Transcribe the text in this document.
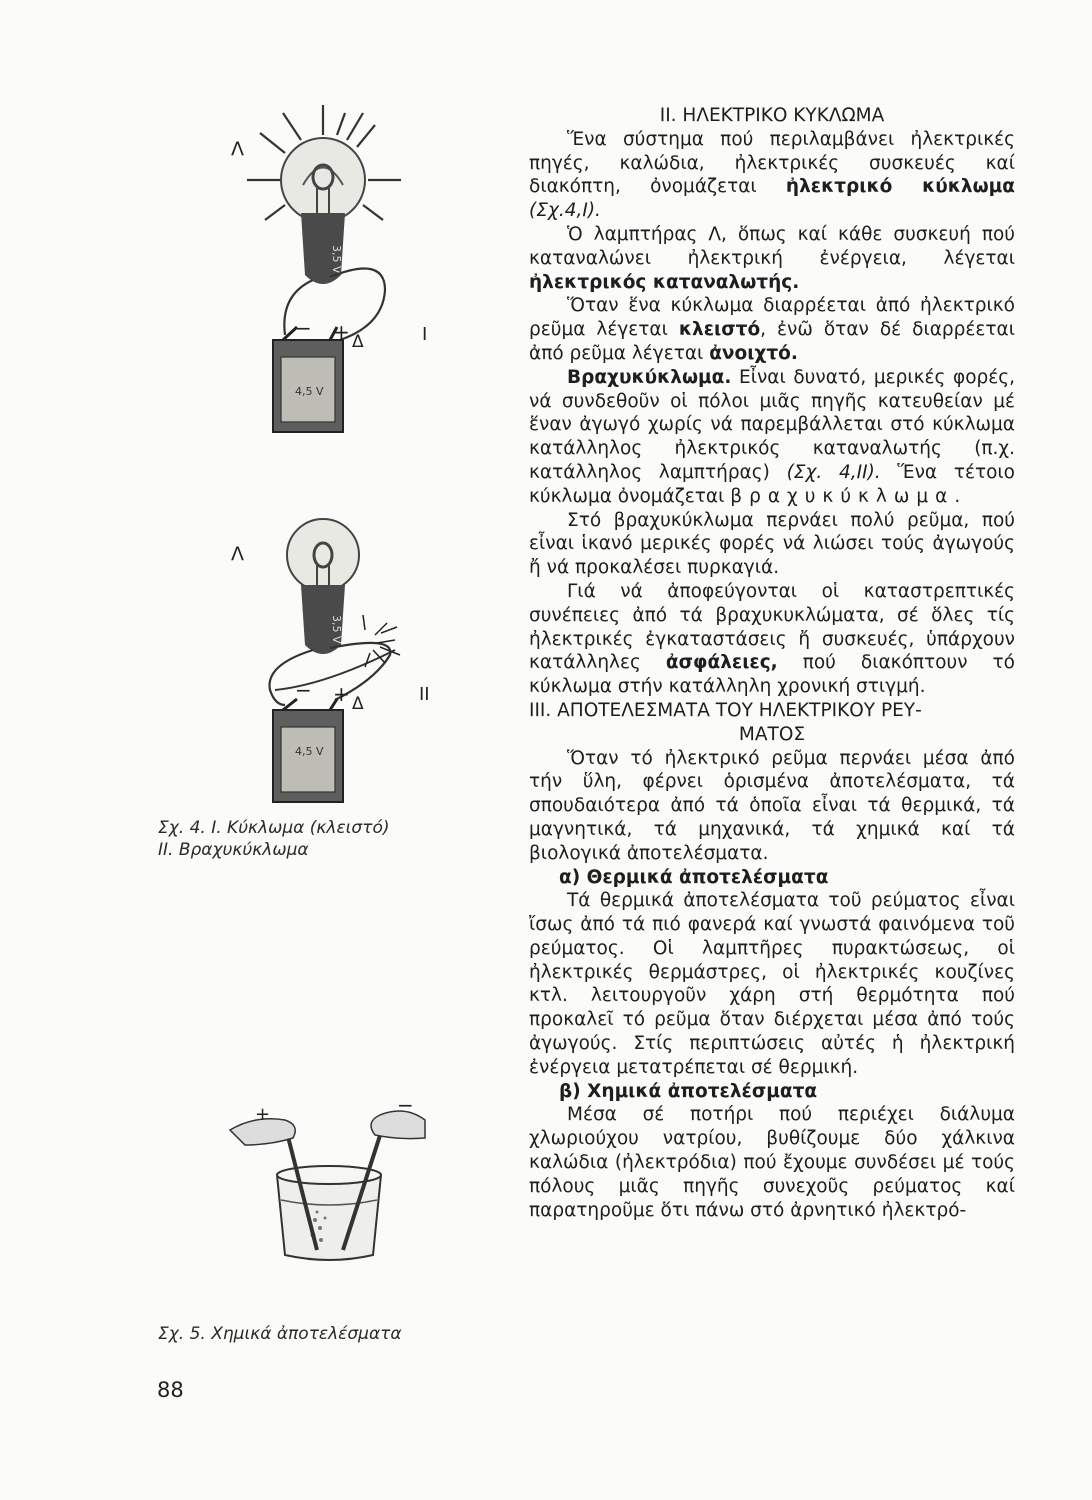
3,5 V
4,5 V
− +
Λ
Δ	I
3,5 V
4,5 V
− +
Λ
Δ	II
Σχ. 4. Ι. Κύκλωμα (κλειστό)
ΙΙ. Βραχυκύκλωμα
+	−
Σχ. 5. Χημικά ἀποτελέσματα
88

ΙΙ. ΗΛΕΚΤΡΙΚΟ ΚΥΚΛΩΜΑ

Ἕνα σύστημα πού περιλαμβάνει ἠλεκτρικές πηγές, καλώδια, ἠλεκτρικές συσκευές καί διακόπτη, ὀνομάζεται ἠλεκτρικό κύκλωμα (Σχ.4,Ι).

Ὁ λαμπτήρας Λ, ὅπως καί κάθε συσκευή πού καταναλώνει ἠλεκτρική ἐνέργεια, λέγεται ἠλεκτρικός καταναλωτής.

Ὅταν ἕνα κύκλωμα διαρρέεται ἀπό ἠλεκτρικό ρεῦμα λέγεται κλειστό, ἐνῶ ὅταν δέ διαρρέεται ἀπό ρεῦμα λέγεται ἀνοιχτό.

Βραχυκύκλωμα. Εἶναι δυνατό, μερικές φορές, νά συνδεθοῦν οἱ πόλοι μιᾶς πηγῆς κατευθείαν μέ ἕναν ἀγωγό χωρίς νά παρεμβάλλεται στό κύκλωμα κατάλληλος ἠλεκτρικός καταναλωτής (π.χ. κατάλληλος λαμπτήρας) (Σχ. 4,ΙΙ). Ἕνα τέτοιο κύκλωμα ὀνομάζεται βραχυκύκλωμα.

Στό βραχυκύκλωμα περνάει πολύ ρεῦμα, πού εἶναι ἱκανό μερικές φορές νά λιώσει τούς ἀγωγούς ἤ νά προκαλέσει πυρκαγιά.

Γιά νά ἀποφεύγονται οἱ καταστρεπτικές συνέπειες ἀπό τά βραχυκυκλώματα, σέ ὅλες τίς ἠλεκτρικές ἐγκαταστάσεις ἤ συσκευές, ὑπάρχουν κατάλληλες ἀσφάλειες, πού διακόπτουν τό κύκλωμα στήν κατάλληλη χρονική στιγμή.

ΙΙΙ. ΑΠΟΤΕΛΕΣΜΑΤΑ ΤΟΥ ΗΛΕΚΤΡΙΚΟΥ ΡΕΥ-

ΜΑΤΟΣ

Ὅταν τό ἠλεκτρικό ρεῦμα περνάει μέσα ἀπό τήν ὕλη, φέρνει ὁρισμένα ἀποτελέσματα, τά σπουδαιότερα ἀπό τά ὁποῖα εἶναι τά θερμικά, τά μαγνητικά, τά μηχανικά, τά χημικά καί τά βιολογικά ἀποτελέσματα.

α) Θερμικά ἀποτελέσματα

Τά θερμικά ἀποτελέσματα τοῦ ρεύματος εἶναι ἴσως ἀπό τά πιό φανερά καί γνωστά φαινόμενα τοῦ ρεύματος. Οἱ λαμπτῆρες πυρακτώσεως, οἱ ἠλεκτρικές θερμάστρες, οἱ ἠλεκτρικές κουζίνες κτλ. λειτουργοῦν χάρη στή θερμότητα πού προκαλεῖ τό ρεῦμα ὅταν διέρχεται μέσα ἀπό τούς ἀγωγούς. Στίς περιπτώσεις αὐτές ἡ ἠλεκτρική ἐνέργεια μετατρέπεται σέ θερμική.

β) Χημικά ἀποτελέσματα

Μέσα σέ ποτήρι πού περιέχει διάλυμα χλωριούχου νατρίου, βυθίζουμε δύο χάλκινα καλώδια (ἠλεκτρόδια) πού ἔχουμε συνδέσει μέ τούς πόλους μιᾶς πηγῆς συνεχοῦς ρεύματος καί παρατηροῦμε ὅτι πάνω στό ἀρνητικό ἠλεκτρό-
